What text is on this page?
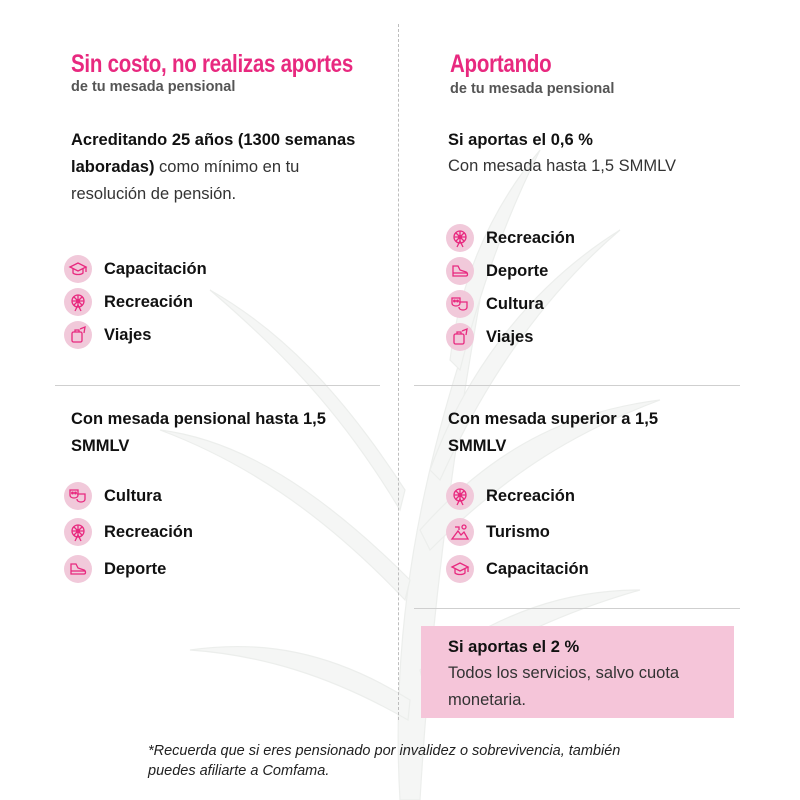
Sin costo, no realizas aportes
de tu mesada pensional
Acreditando 25 años (1300 semanas laboradas) como mínimo en tu resolución de pensión.
Capacitación
Recreación
Viajes
Aportando
de tu mesada pensional
Si aportas el 0,6 %
Con mesada hasta 1,5 SMMLV
Recreación
Deporte
Cultura
Viajes
Con mesada pensional hasta 1,5 SMMLV
Cultura
Recreación
Deporte
Con mesada superior a 1,5 SMMLV
Recreación
Turismo
Capacitación
Si aportas el 2 %
Todos los servicios, salvo cuota monetaria.
*Recuerda que si eres pensionado por invalidez o sobrevivencia, también puedes afiliarte a Comfama.
